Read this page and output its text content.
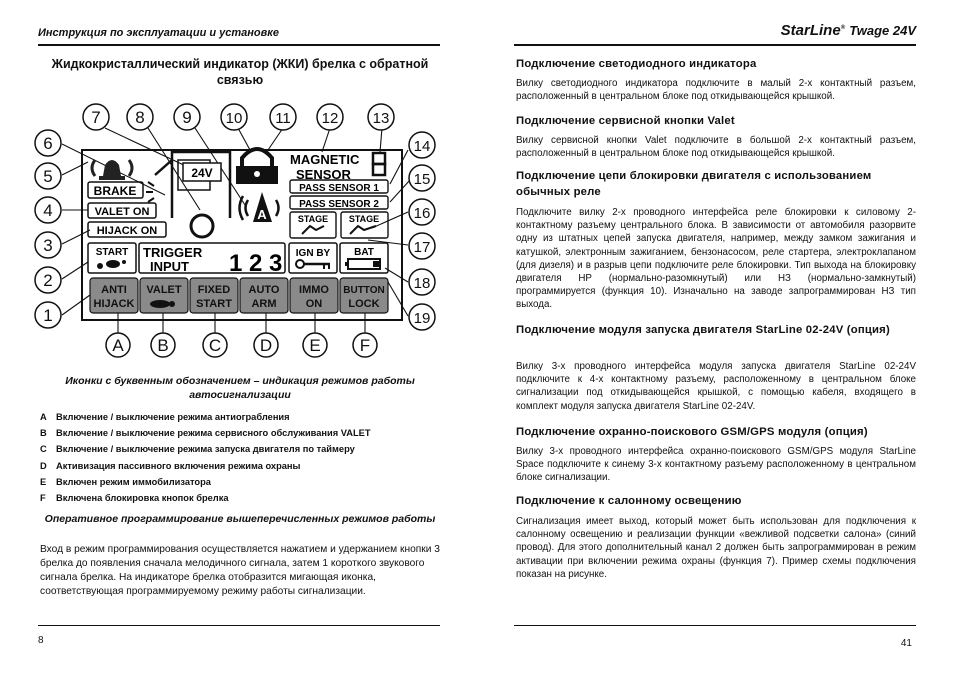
Инструкция по эксплуатации и установке	StarLine® Twage 24V
Жидкокристаллический индикатор (ЖКИ) брелка с обратной связью
BRAKE
VALET ON
HIJACK ON
24V
A
MAGNETIC
SENSOR
PASS SENSOR 1
PASS SENSOR 2
STAGE STAGE
START TRIGGER
INPUT 1 2 3 IGN BY BAT
ANTI
HIJACK
VALET FIXED
START
AUTO
ARM
IMMO
ON
BUTTON
LOCK
1
2
3
4
5
6
7 8 9 10 11 12 13
14
15
16
17
18
19
A B C D E F
Иконки с буквенным обозначением – индикация режимов работы автосигнализации
A Включение / выключение режима антиограбления
B Включение / выключение режима сервисного обслуживания VALET
C Включение / выключение режима запуска двигателя по таймеру
D Активизация пассивного включения режима охраны
E	Включен режим иммобилизатора
F	Включена блокировка кнопок брелка
Оперативное программирование вышеперечисленных режимов работы
Вход в режим программирования осуществляется нажатием и удержанием кнопки 3 брелка до появления сначала мелодичного сигнала, затем 1 короткого звукового сигнала брелка. На индикаторе брелка отобразится мигающая иконка, соответствующая программируемому режиму работы сигнализации.
8
Подключение светодиодного индикатора
Вилку светодиодного индикатора подключите в малый 2-х контактный разъем, расположенный в центральном блоке под откидывающейся крышкой.
Подключение сервисной кнопки Valet
Вилку сервисной кнопки Valet подключите в большой 2-х контактный разъем, расположенный в центральном блоке под откидывающейся крышкой.
Подключение цепи блокировки двигателя с использованием обычных реле
Подключите вилку 2-х проводного интерфейса реле блокировки к силовому 2-контактному разъему центрального блока. В зависимости от автомобиля разорвите одну из штатных цепей запуска двигателя, например, между замком зажигания и катушкой, электронным зажиганием, бензонасосом, реле стартера, электроклапаном (для дизеля) и в разрыв цепи подключите реле блокировки. Тип выхода на блокировку двигателя НР (нормально-разомкнутый) или НЗ (нормально-замкнутый) программируется (функция 10). Изначально на заводе запрограммирован НЗ тип выхода.
Подключение модуля запуска двигателя StarLine 02-24V (опция)
Вилку 3-х проводного интерфейса модуля запуска двигателя StarLine 02-24V подключите к 4-х контактному разъему, расположенному в центральном блоке сигнализации под откидывающейся крышкой, с помощью кабеля, входящего в комплект модуля запуска двигателя StarLine 02-24V.
Подключение охранно-поискового GSM/GPS модуля (опция)
Вилку 3-х проводного интерфейса охранно-поискового GSM/GPS модуля StarLine Space подключите к синему 3-х контактному разъему расположенному в центральном блоке сигнализации.
Подключение к салонному освещению
Сигнализация имеет выход, который может быть использован для подключения к салонному освещению и реализации функции «вежливой подсветки салона» (синий провод). Для этого дополнительный канал 2 должен быть запрограммирован в режим активации при включении режима охраны (функция 7). Пример схемы подключения показан на рисунке.
41
